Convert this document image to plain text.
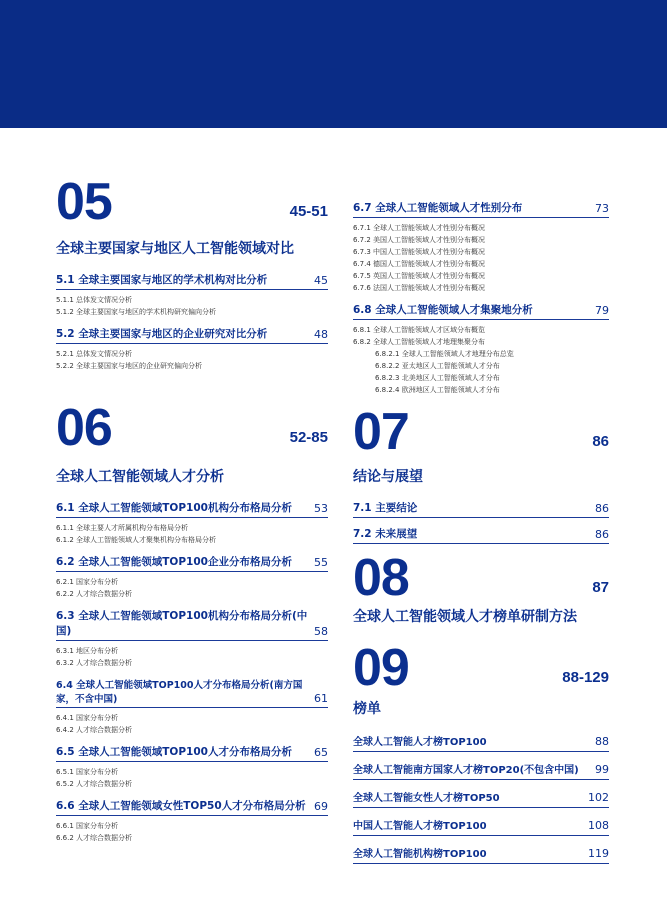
05	45-51
全球主要国家与地区人工智能领域对比
5.1 全球主要国家与地区的学术机构对比分析	45
5.1.1 总体发文情况分析
5.1.2 全球主要国家与地区的学术机构研究偏向分析
5.2 全球主要国家与地区的企业研究对比分析	48
5.2.1 总体发文情况分析
5.2.2 全球主要国家与地区的企业研究偏向分析
06	52-85
全球人工智能领域人才分析
6.1 全球人工智能领域TOP100机构分布格局分析 53
6.1.1 全球主要人才所属机构分布格局分析
6.1.2 全球人工智能领域人才聚集机构分布格局分析
6.2 全球人工智能领域TOP100企业分布格局分析 55
6.2.1 国家分布分析
6.2.2 人才综合数据分析
6.3 全球人工智能领域TOP100机构分布格局分析(中国)	58
6.3.1 地区分布分析
6.3.2 人才综合数据分析
6.4 全球人工智能领域TOP100人才分布格局分析(南方国家，不含中国)	61
6.4.1 国家分布分析
6.4.2 人才综合数据分析
6.5 全球人工智能领域TOP100人才分布格局分析 65
6.5.1 国家分布分析
6.5.2 人才综合数据分析
6.6 全球人工智能领域女性TOP50人才分布格局分析 69
6.6.1 国家分布分析
6.6.2 人才综合数据分析
6.7 全球人工智能领域人才性别分布	73
6.7.1 全球人工智能领域人才性别分布概况
6.7.2 美国人工智能领域人才性别分布概况
6.7.3 中国人工智能领域人才性别分布概况
6.7.4 德国人工智能领域人才性别分布概况
6.7.5 英国人工智能领域人才性别分布概况
6.7.6 法国人工智能领域人才性别分布概况
6.8 全球人工智能领域人才集聚地分析	79
6.8.1 全球人工智能领域人才区域分布概览
6.8.2 全球人工智能领域人才地理集聚分布
6.8.2.1 全球人工智能领域人才地理分布总览
6.8.2.2 亚太地区人工智能领域人才分布
6.8.2.3 北美地区人工智能领域人才分布
6.8.2.4 欧洲地区人工智能领域人才分布
07	86
结论与展望
7.1 主要结论	86
7.2 未来展望	86
08	87
全球人工智能领域人才榜单研制方法
09	88-129
榜单
全球人工智能人才榜TOP100	88
全球人工智能南方国家人才榜TOP20(不包含中国) 99
全球人工智能女性人才榜TOP50	102
中国人工智能人才榜TOP100	108
全球人工智能机构榜TOP100	119
